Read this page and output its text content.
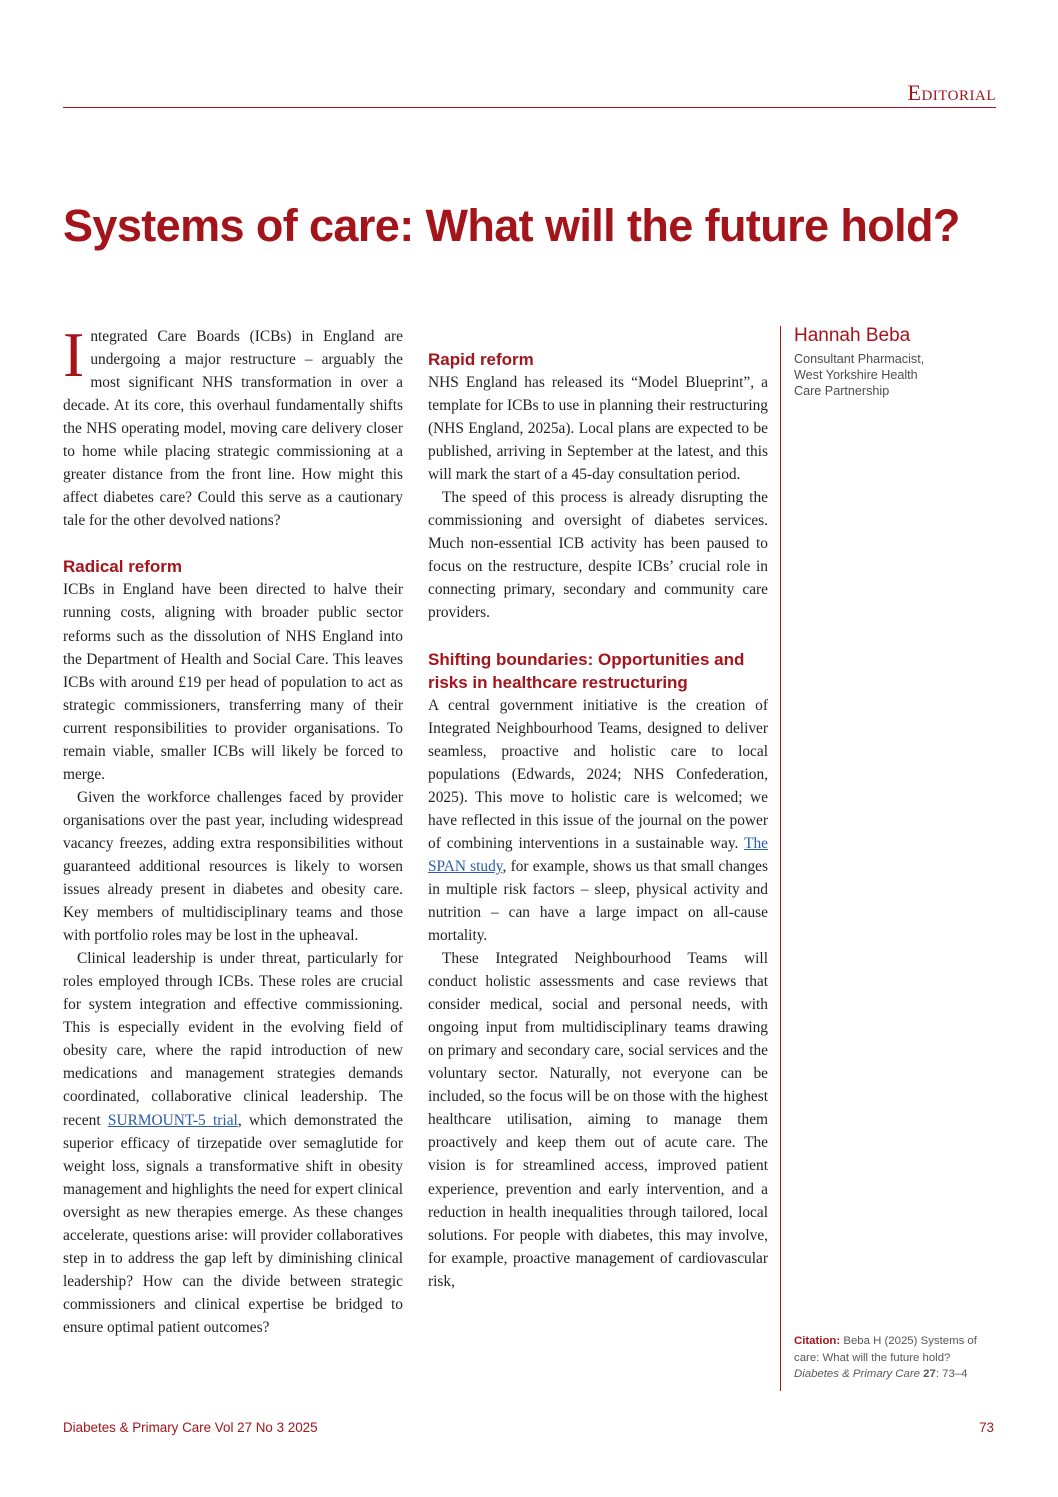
Editorial
Systems of care: What will the future hold?

Integrated Care Boards (ICBs) in England are undergoing a major restructure – arguably the most significant NHS transformation in over a decade. At its core, this overhaul fundamentally shifts the NHS operating model, moving care delivery closer to home while placing strategic commissioning at a greater distance from the front line. How might this affect diabetes care? Could this serve as a cautionary tale for the other devolved nations?

Radical reform

ICBs in England have been directed to halve their running costs, aligning with broader public sector reforms such as the dissolution of NHS England into the Department of Health and Social Care. This leaves ICBs with around £19 per head of population to act as strategic commissioners, transferring many of their current responsibilities to provider organisations. To remain viable, smaller ICBs will likely be forced to merge.

Given the workforce challenges faced by provider organisations over the past year, including widespread vacancy freezes, adding extra responsibilities without guaranteed additional resources is likely to worsen issues already present in diabetes and obesity care. Key members of multidisciplinary teams and those with portfolio roles may be lost in the upheaval.

Clinical leadership is under threat, particularly for roles employed through ICBs. These roles are crucial for system integration and effective commissioning. This is especially evident in the evolving field of obesity care, where the rapid introduction of new medications and management strategies demands coordinated, collaborative clinical leadership. The recent SURMOUNT-5 trial, which demonstrated the superior efficacy of tirzepatide over semaglutide for weight loss, signals a transformative shift in obesity management and highlights the need for expert clinical oversight as new therapies emerge. As these changes accelerate, questions arise: will provider collaboratives step in to address the gap left by diminishing clinical leadership? How can the divide between strategic commissioners and clinical expertise be bridged to ensure optimal patient outcomes?

Rapid reform

NHS England has released its “Model Blueprint”, a template for ICBs to use in planning their restructuring (NHS England, 2025a). Local plans are expected to be published, arriving in September at the latest, and this will mark the start of a 45-day consultation period.

The speed of this process is already disrupting the commissioning and oversight of diabetes services. Much non-essential ICB activity has been paused to focus on the restructure, despite ICBs’ crucial role in connecting primary, secondary and community care providers.

Shifting boundaries: Opportunities and risks in healthcare restructuring

A central government initiative is the creation of Integrated Neighbourhood Teams, designed to deliver seamless, proactive and holistic care to local populations (Edwards, 2024; NHS Confederation, 2025). This move to holistic care is welcomed; we have reflected in this issue of the journal on the power of combining interventions in a sustainable way. The SPAN study, for example, shows us that small changes in multiple risk factors – sleep, physical activity and nutrition – can have a large impact on all-cause mortality.

These Integrated Neighbourhood Teams will conduct holistic assessments and case reviews that consider medical, social and personal needs, with ongoing input from multidisciplinary teams drawing on primary and secondary care, social services and the voluntary sector. Naturally, not everyone can be included, so the focus will be on those with the highest healthcare utilisation, aiming to manage them proactively and keep them out of acute care. The vision is for streamlined access, improved patient experience, prevention and early intervention, and a reduction in health inequalities through tailored, local solutions. For people with diabetes, this may involve, for example, proactive management of cardiovascular risk,

Hannah Beba
Consultant Pharmacist,
West Yorkshire Health
Care Partnership
Citation: Beba H (2025) Systems of care: What will the future hold? Diabetes & Primary Care 27: 73–4
Diabetes & Primary Care Vol 27 No 3 2025	73
